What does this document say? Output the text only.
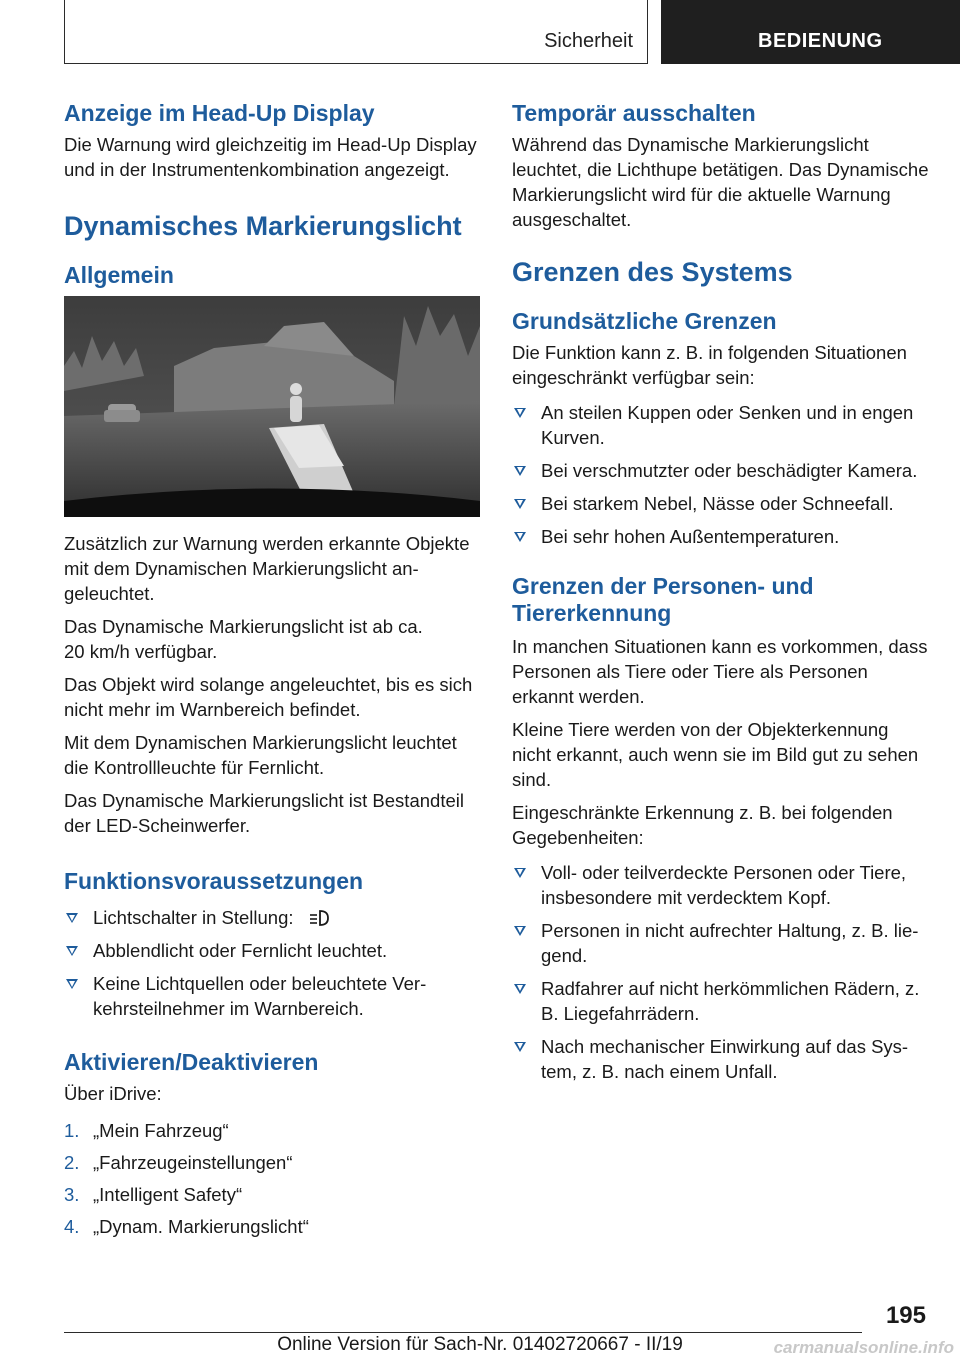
Sicherheit	BEDIENUNG
Anzeige im Head-Up Display

Die Warnung wird gleichzeitig im Head-Up Display und in der Instrumentenkombination angezeigt.

Dynamisches Markierungslicht
Allgemein

Zusätzlich zur Warnung werden erkannte Objekte mit dem Dynamischen Markierungslicht angeleuchtet.

Das Dynamische Markierungslicht ist ab ca.

20 km/h verfügbar.

Das Objekt wird solange angeleuchtet, bis es sich nicht mehr im Warnbereich befindet.

Mit dem Dynamischen Markierungslicht leuchtet die Kontrollleuchte für Fernlicht.

Das Dynamische Markierungslicht ist Bestandteil der LED-Scheinwerfer.

Funktionsvoraussetzungen
Lichtschalter in Stellung:
Abblendlicht oder Fernlicht leuchtet.
Keine Lichtquellen oder beleuchtete Verkehrsteilnehmer im Warnbereich.
Aktivieren/Deaktivieren

Über iDrive:

1. „Mein Fahrzeug“
2. „Fahrzeugeinstellungen“
3. „Intelligent Safety“
4. „Dynam. Markierungslicht“
Temporär ausschalten

Während das Dynamische Markierungslicht leuchtet, die Lichthupe betätigen. Das Dynamische Markierungslicht wird für die aktuelle Warnung ausgeschaltet.

Grenzen des Systems
Grundsätzliche Grenzen

Die Funktion kann z. B. in folgenden Situationen eingeschränkt verfügbar sein:

An steilen Kuppen oder Senken und in engen Kurven.
Bei verschmutzter oder beschädigter Kamera.
Bei starkem Nebel, Nässe oder Schneefall.
Bei sehr hohen Außentemperaturen.
Grenzen der Personen- und Tiererkennung

In manchen Situationen kann es vorkommen, dass Personen als Tiere oder Tiere als Personen erkannt werden.

Kleine Tiere werden von der Objekterkennung nicht erkannt, auch wenn sie im Bild gut zu sehen sind.

Eingeschränkte Erkennung z. B. bei folgenden Gegebenheiten:

Voll- oder teilverdeckte Personen oder Tiere, insbesondere mit verdecktem Kopf.
Personen in nicht aufrechter Haltung, z. B. liegend.
Radfahrer auf nicht herkömmlichen Rädern, z. B. Liegefahrrädern.
Nach mechanischer Einwirkung auf das System, z. B. nach einem Unfall.
195
Online Version für Sach-Nr. 01402720667 - II/19	carmanualsonline.info
